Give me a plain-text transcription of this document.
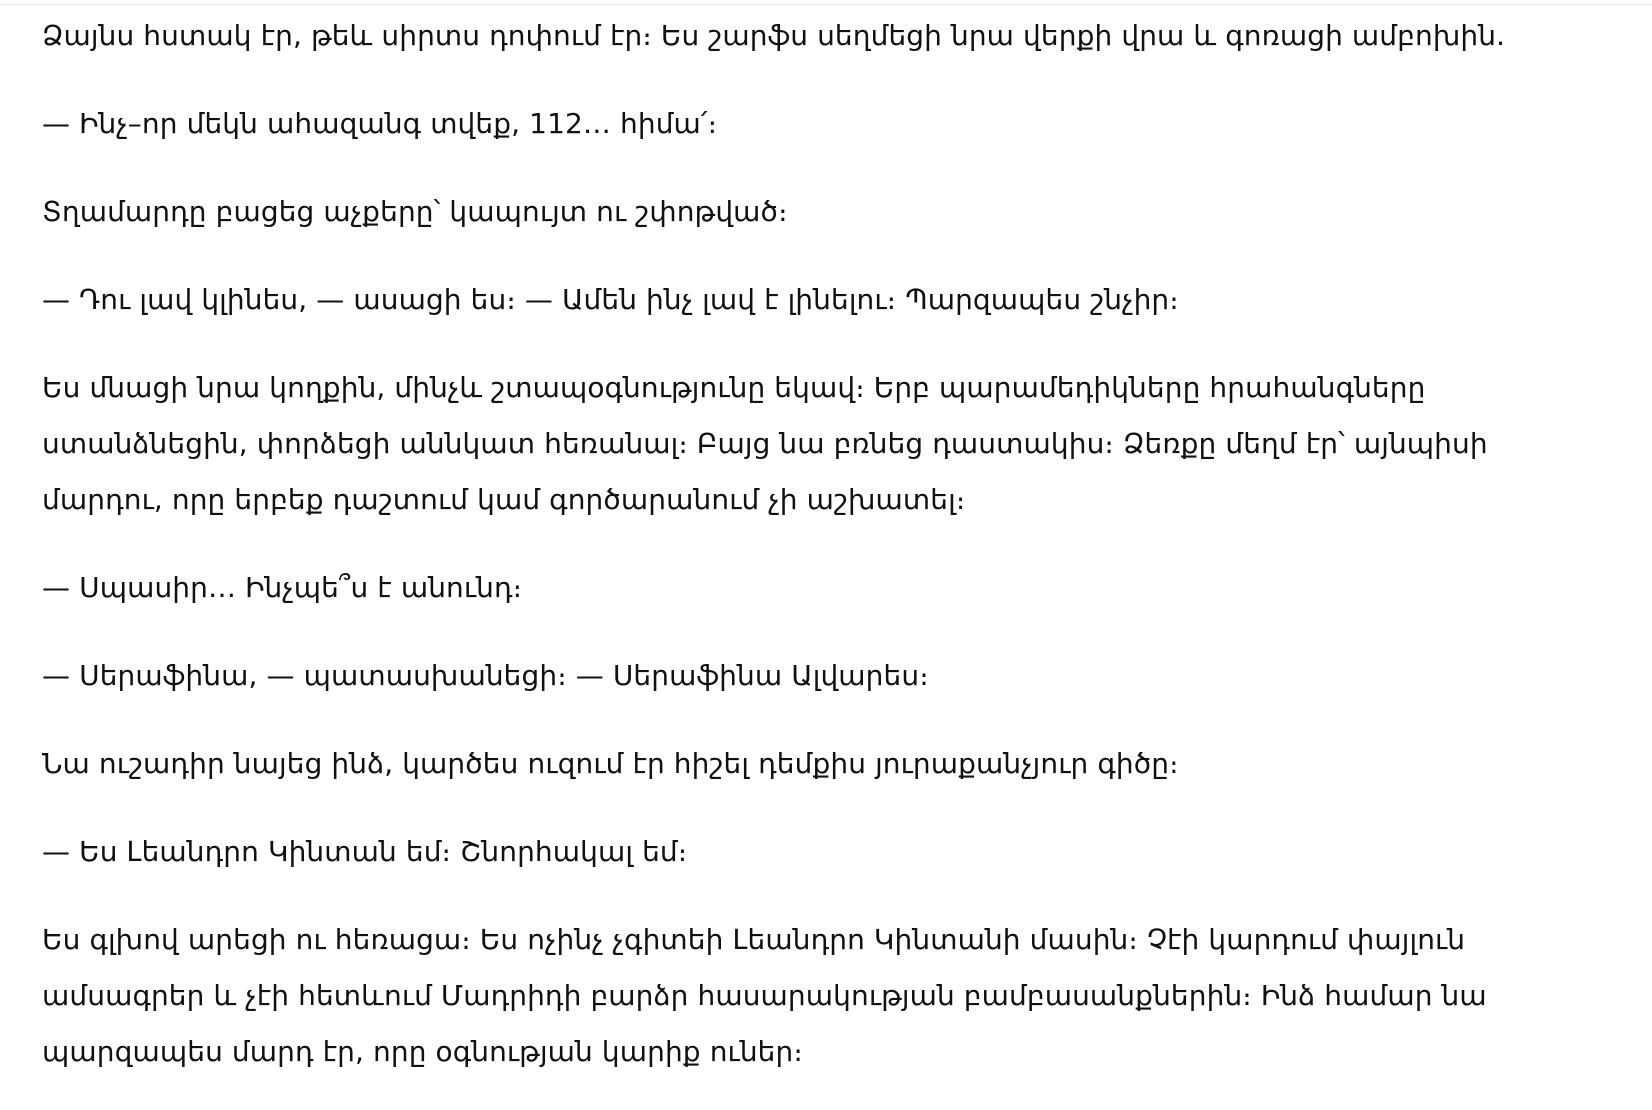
Ձայնս հստակ էր, թեև սիրտս դոփում էր։ Ես շարֆս սեղմեցի նրա վերքի վրա և գոռացի ամբոխին.

— Ինչ–որ մեկն ահազանգ տվեք, 112… հիմա՛։

Տղամարդը բացեց աչքերը՝ կապույտ ու շփոթված։

— Դու լավ կլինես, — ասացի ես։ — Ամեն ինչ լավ է լինելու։ Պարզապես շնչիր։

Ես մնացի նրա կողքին, մինչև շտապօգնությունը եկավ։ Երբ պարամեդիկները հրահանգները ստանձնեցին, փորձեցի աննկատ հեռանալ։ Բայց նա բռնեց դաստակիս։ Ձեռքը մեղմ էր՝ այնպիսի մարդու, որը երբեք դաշտում կամ գործարանում չի աշխատել։

— Սպասիր… Ինչպե՞ս է անունդ։

— Սերաֆինա, — պատասխանեցի։ — Սերաֆինա Ալվարես։

Նա ուշադիր նայեց ինձ, կարծես ուզում էր հիշել դեմքիս յուրաքանչյուր գիծը։

— Ես Լեանդրո Կինտան եմ։ Շնորհակալ եմ։

Ես գլխով արեցի ու հեռացա։ Ես ոչինչ չգիտեի Լեանդրո Կինտանի մասին։ Չէի կարդում փայլուն ամսագրեր և չէի հետևում Մադրիդի բարձր հասարակության բամբասանքներին։ Ինձ համար նա պարզապես մարդ էր, որը օգնության կարիք ուներ։
